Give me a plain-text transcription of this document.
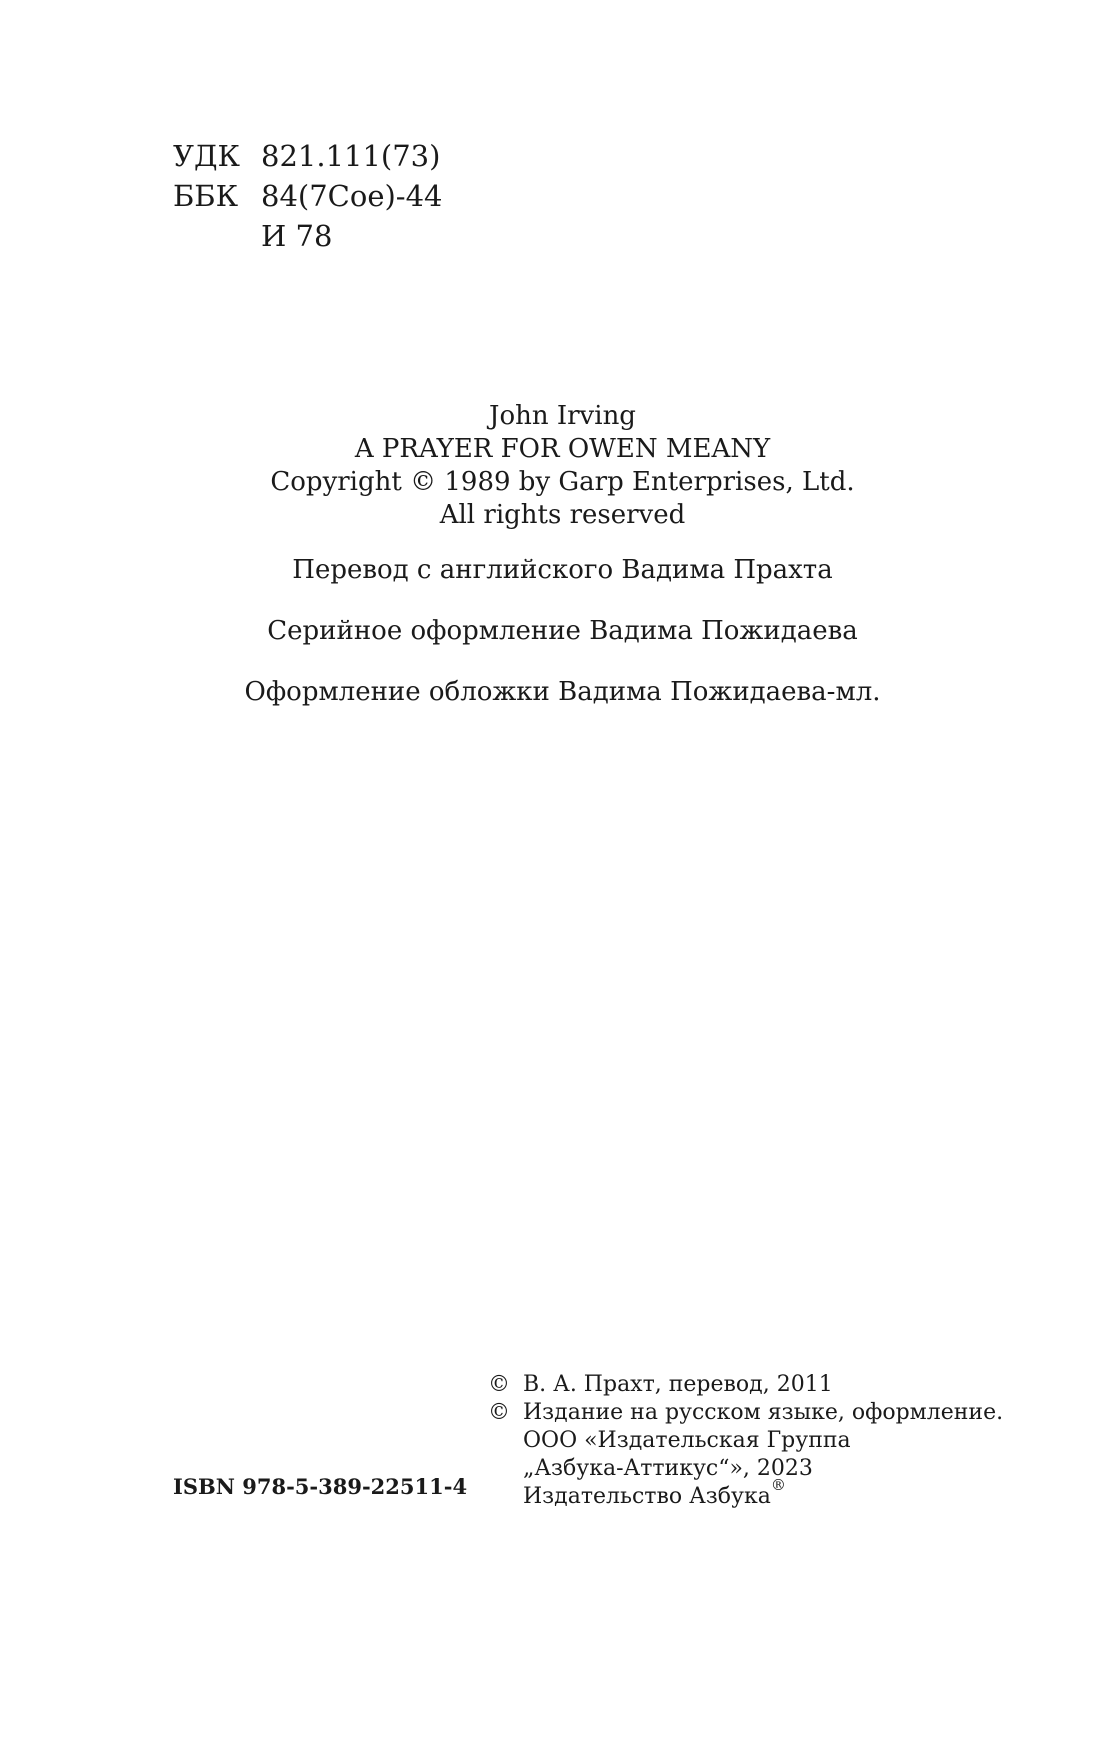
УДК 821.111(73)
ББК 84(7Сое)-44
И 78
John Irving
A PRAYER FOR OWEN MEANY
Copyright © 1989 by Garp Enterprises, Ltd.
All rights reserved
Перевод с английского Вадима Прахта
Серийное оформление Вадима Пожидаева
Оформление обложки Вадима Пожидаева-мл.
© В. А. Прахт, перевод, 2011
© Издание на русском языке, оформление.
ООО «Издательская Группа
„Азбука-Аттикус“», 2023
Издательство Азбука®
ISBN 978-5-389-22511-4
